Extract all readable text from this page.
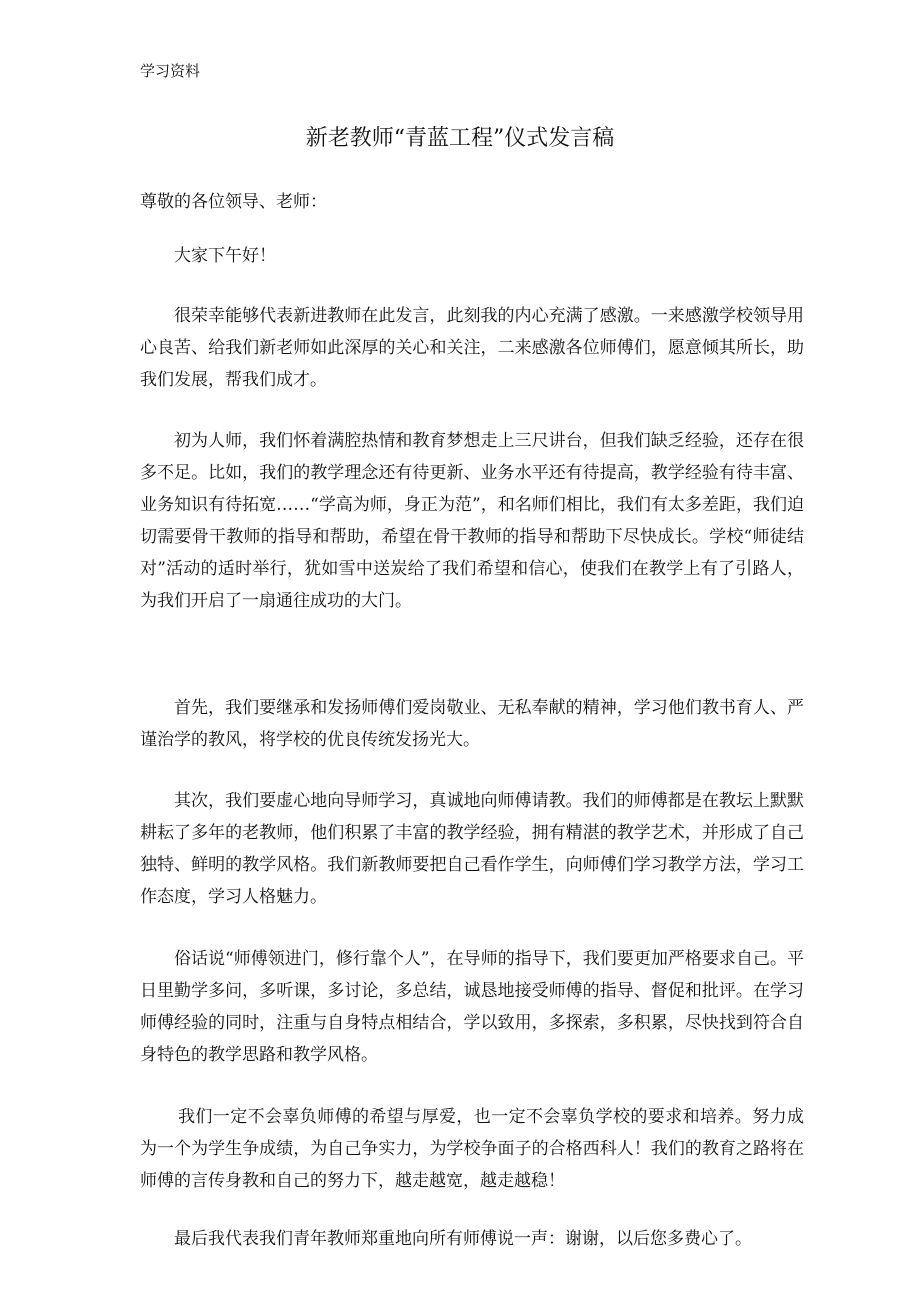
学习资料

新老教师“青蓝工程”仪式发言稿

尊敬的各位领导、老师：

大家下午好！

很荣幸能够代表新进教师在此发言，此刻我的内心充满了感激。一来感激学校领导用心良苦、给我们新老师如此深厚的关心和关注，二来感激各位师傅们，愿意倾其所长，助我们发展，帮我们成才。

初为人师，我们怀着满腔热情和教育梦想走上三尺讲台，但我们缺乏经验，还存在很多不足。比如，我们的教学理念还有待更新、业务水平还有待提高，教学经验有待丰富、业务知识有待拓宽……“学高为师，身正为范”，和名师们相比，我们有太多差距，我们迫切需要骨干教师的指导和帮助，希望在骨干教师的指导和帮助下尽快成长。学校“师徒结对”活动的适时举行，犹如雪中送炭给了我们希望和信心，使我们在教学上有了引路人，为我们开启了一扇通往成功的大门。

首先，我们要继承和发扬师傅们爱岗敬业、无私奉献的精神，学习他们教书育人、严谨治学的教风，将学校的优良传统发扬光大。

其次，我们要虚心地向导师学习，真诚地向师傅请教。我们的师傅都是在教坛上默默耕耘了多年的老教师，他们积累了丰富的教学经验，拥有精湛的教学艺术，并形成了自己独特、鲜明的教学风格。我们新教师要把自己看作学生，向师傅们学习教学方法，学习工作态度，学习人格魅力。

俗话说“师傅领进门，修行靠个人”，在导师的指导下，我们要更加严格要求自己。平日里勤学多问，多听课，多讨论，多总结，诚恳地接受师傅的指导、督促和批评。在学习师傅经验的同时，注重与自身特点相结合，学以致用，多探索，多积累，尽快找到符合自身特色的教学思路和教学风格。

我们一定不会辜负师傅的希望与厚爱，也一定不会辜负学校的要求和培养。努力成为一个为学生争成绩，为自己争实力，为学校争面子的合格西科人！我们的教育之路将在师傅的言传身教和自己的努力下，越走越宽，越走越稳！

最后我代表我们青年教师郑重地向所有师傅说一声：谢谢，以后您多费心了。
